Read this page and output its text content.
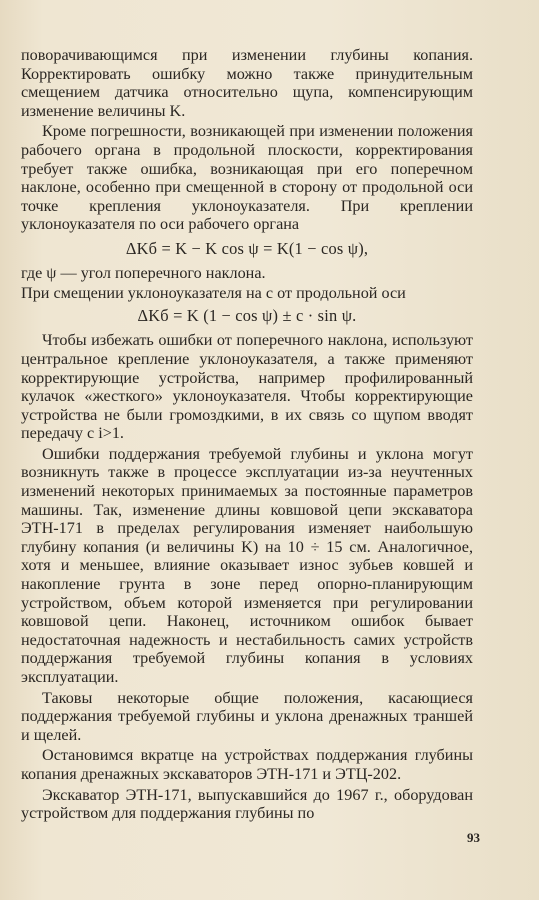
поворачивающимся при изменении глубины копания. Корректировать ошибку можно также принудительным смещением датчика относительно щупа, компенсирующим изменение величины K.

Кроме погрешности, возникающей при изменении положения рабочего органа в продольной плоскости, корректирования требует также ошибка, возникающая при его поперечном наклоне, особенно при смещенной в сторону от продольной оси точке крепления уклоноуказателя. При креплении уклоноуказателя по оси рабочего органа

ΔKб = K − K cos ψ = K(1 − cos ψ),

где ψ — угол поперечного наклона.

При смещении уклоноуказателя на c от продольной оси

ΔKб = K (1 − cos ψ) ± c · sin ψ.

Чтобы избежать ошибки от поперечного наклона, используют центральное крепление уклоноуказателя, а также применяют корректирующие устройства, например профилированный кулачок «жесткого» уклоноуказателя. Чтобы корректирующие устройства не были громоздкими, в их связь со щупом вводят передачу с i>1.

Ошибки поддержания требуемой глубины и уклона могут возникнуть также в процессе эксплуатации из-за неучтенных изменений некоторых принимаемых за постоянные параметров машины. Так, изменение длины ковшовой цепи экскаватора ЭТН-171 в пределах регулирования изменяет наибольшую глубину копания (и величины K) на 10 ÷ 15 см. Аналогичное, хотя и меньшее, влияние оказывает износ зубьев ковшей и накопление грунта в зоне перед опорно-планирующим устройством, объем которой изменяется при регулировании ковшовой цепи. Наконец, источником ошибок бывает недостаточная надежность и нестабильность самих устройств поддержания требуемой глубины копания в условиях эксплуатации.

Таковы некоторые общие положения, касающиеся поддержания требуемой глубины и уклона дренажных траншей и щелей.

Остановимся вкратце на устройствах поддержания глубины копания дренажных экскаваторов ЭТН-171 и ЭТЦ-202.

Экскаватор ЭТН-171, выпускавшийся до 1967 г., оборудован устройством для поддержания глубины по

93
